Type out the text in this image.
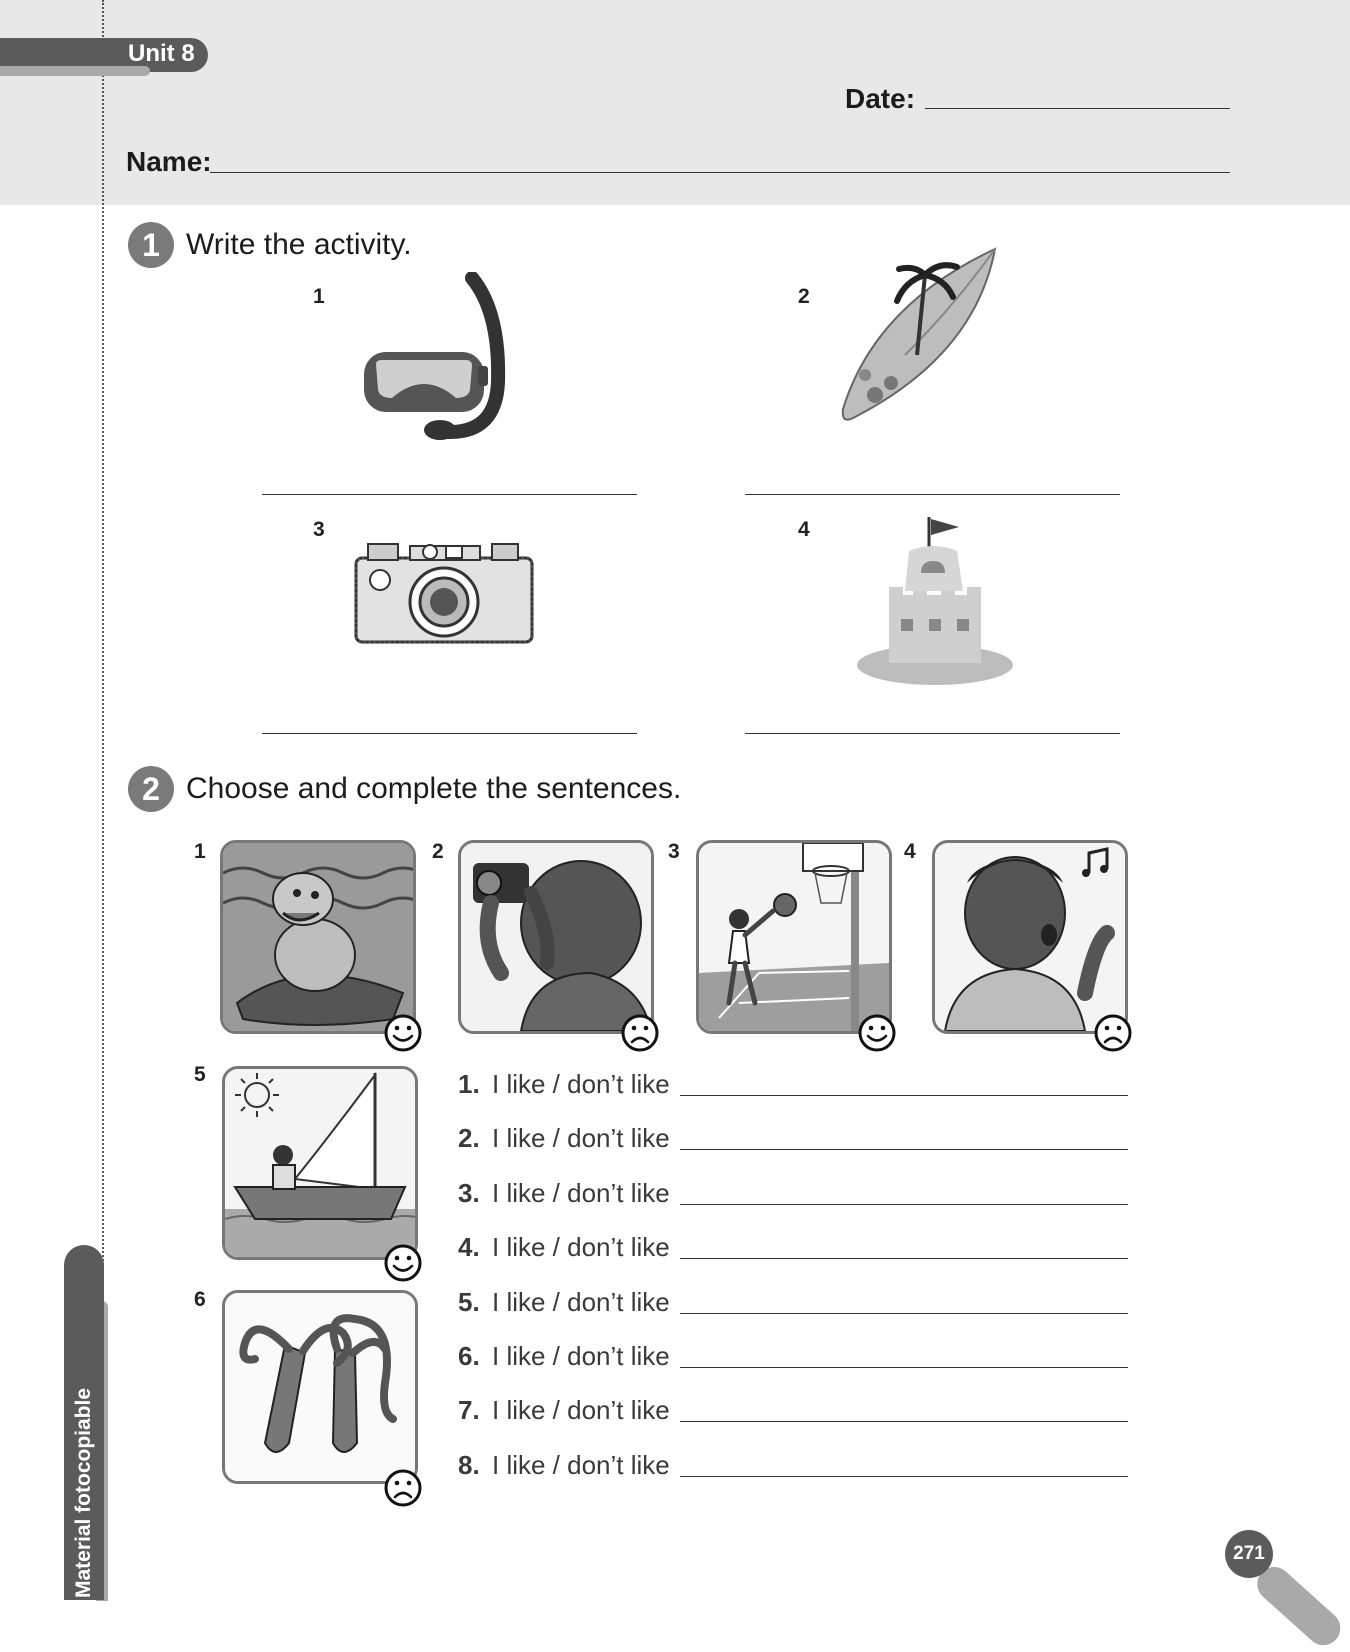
Unit 8
Date:
Name:
1 Write the activity.
1	2
3	4
2 Choose and complete the sentences.
1	2	3	4
5
6
1. I like / don’t like
2. I like / don’t like
3. I like / don’t like
4. I like / don’t like
5. I like / don’t like
6. I like / don’t like
7. I like / don’t like
8. I like / don’t like
Material fotocopiable	271
